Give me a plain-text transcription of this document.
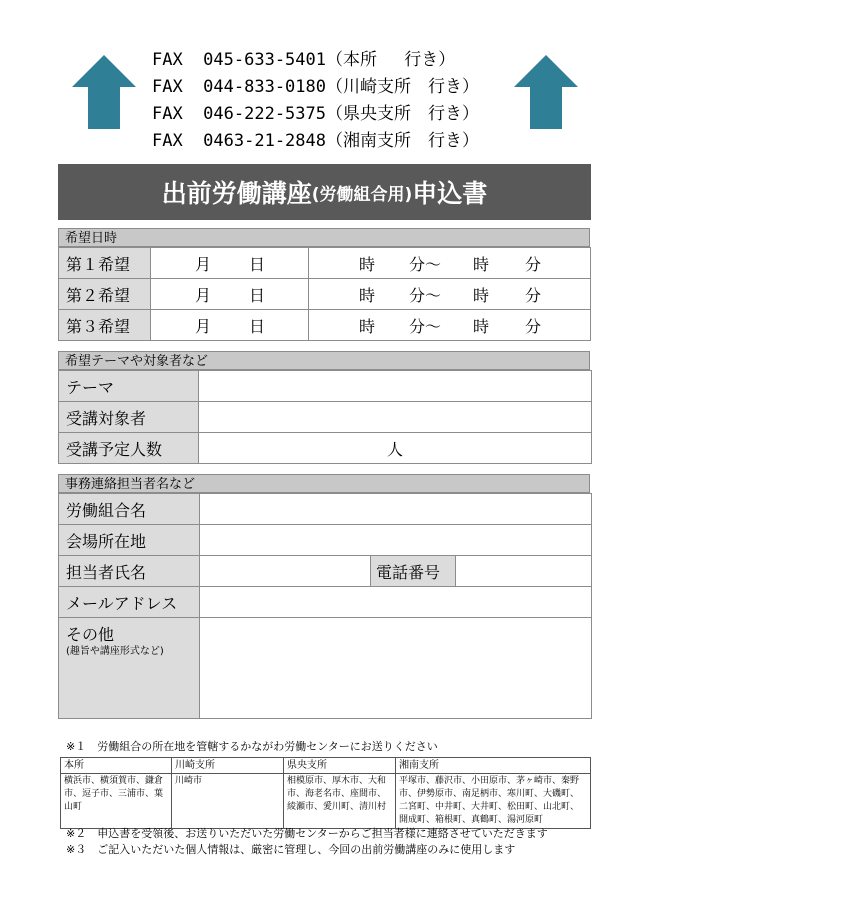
FAX  045-633-5401（本所　 行き）
FAX  044-833-0180（川崎支所　行き）
FAX  046-222-5375（県央支所　行き）
FAX  0463-21-2848（湘南支所　行き）
出前労働講座 (労働組合用) 申込書
希望日時
第１希望	月 日	時 分～ 時 分

第２希望	月 日	時 分～ 時 分

第３希望	月 日	時 分～ 時 分
希望テーマや対象者など
テーマ	
受講対象者	
受講予定人数	人
事務連絡担当者名など
労働組合名			
会場所在地			
担当者氏名		電話番号	
メールアドレス			

その他
(趣旨や講座形式など)			

※１　労働組合の所在地を管轄するかながわ労働センターにお送りください
本所	川崎支所	県央支所	湘南支所
横浜市、横須賀市、鎌倉市、逗子市、三浦市、葉山町	川崎市	相模原市、厚木市、大和市、海老名市、座間市、綾瀬市、愛川町、清川村	平塚市、藤沢市、小田原市、茅ヶ崎市、秦野市、伊勢原市、南足柄市、寒川町、大磯町、二宮町、中井町、大井町、松田町、山北町、開成町、箱根町、真鶴町、湯河原町
※２　申込書を受領後、お送りいただいた労働センターからご担当者様に連絡させていただきます
※３　ご記入いただいた個人情報は、厳密に管理し、今回の出前労働講座のみに使用します
